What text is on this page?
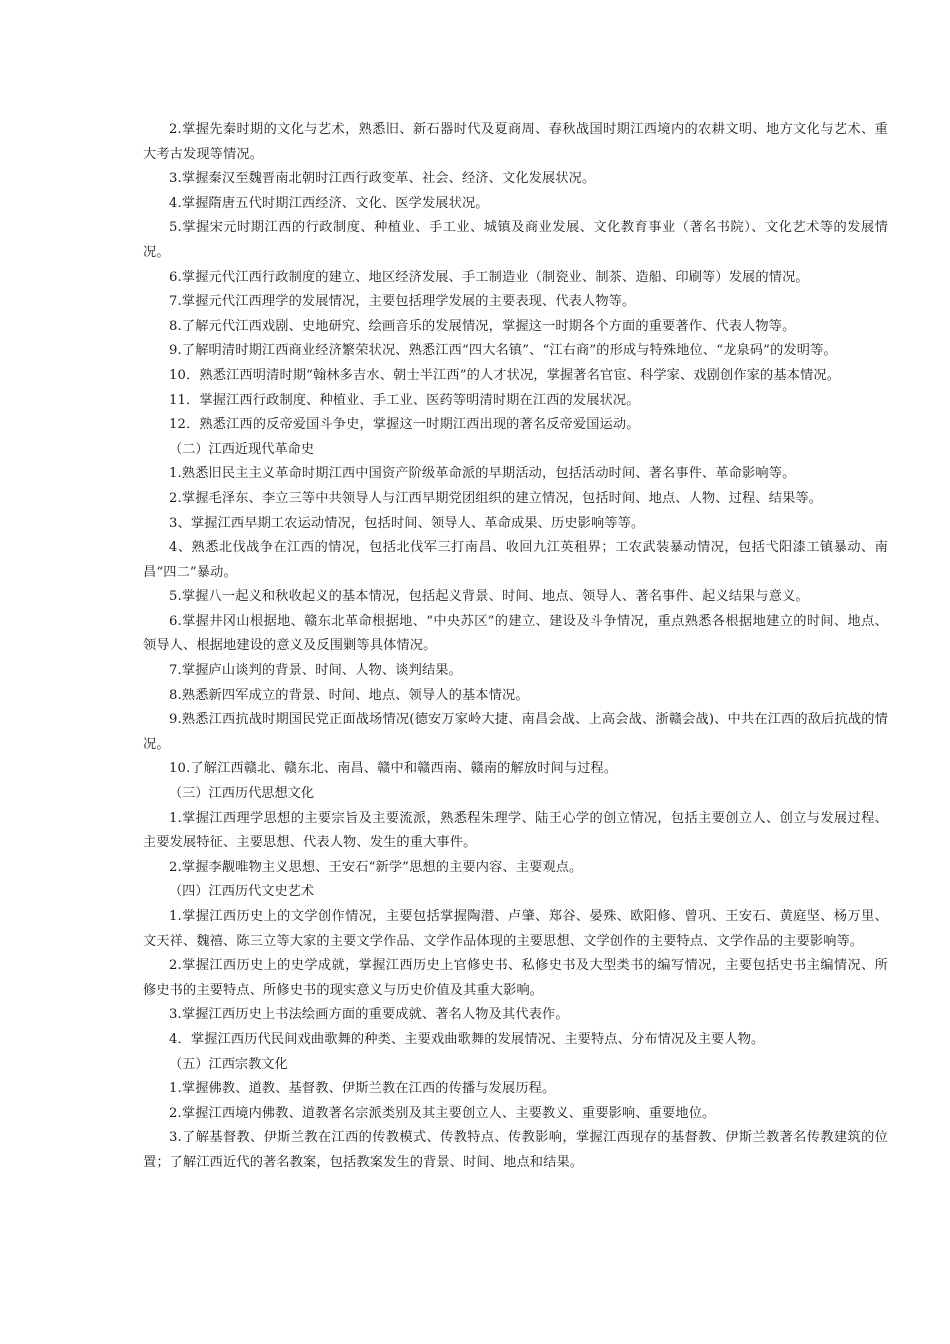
2.掌握先秦时期的文化与艺术，熟悉旧、新石器时代及夏商周、春秋战国时期江西境内的农耕文明、地方文化与艺术、重大考古发现等情况。

3.掌握秦汉至魏晋南北朝时江西行政变革、社会、经济、文化发展状况。

4.掌握隋唐五代时期江西经济、文化、医学发展状况。

5.掌握宋元时期江西的行政制度、种植业、手工业、城镇及商业发展、文化教育事业（著名书院）、文化艺术等的发展情况。

6.掌握元代江西行政制度的建立、地区经济发展、手工制造业（制瓷业、制茶、造船、印刷等）发展的情况。

7.掌握元代江西理学的发展情况，主要包括理学发展的主要表现、代表人物等。

8.了解元代江西戏剧、史地研究、绘画音乐的发展情况，掌握这一时期各个方面的重要著作、代表人物等。

9.了解明清时期江西商业经济繁荣状况、熟悉江西“四大名镇”、“江右商”的形成与特殊地位、“龙泉码”的发明等。

10．熟悉江西明清时期“翰林多吉水、朝士半江西”的人才状况，掌握著名官宦、科学家、戏剧创作家的基本情况。

11．掌握江西行政制度、种植业、手工业、医药等明清时期在江西的发展状况。

12．熟悉江西的反帝爱国斗争史，掌握这一时期江西出现的著名反帝爱国运动。

（二）江西近现代革命史

1.熟悉旧民主主义革命时期江西中国资产阶级革命派的早期活动，包括活动时间、著名事件、革命影响等。

2.掌握毛泽东、李立三等中共领导人与江西早期党团组织的建立情况，包括时间、地点、人物、过程、结果等。

3、掌握江西早期工农运动情况，包括时间、领导人、革命成果、历史影响等等。

4、熟悉北伐战争在江西的情况，包括北伐军三打南昌、收回九江英租界；工农武装暴动情况，包括弋阳漆工镇暴动、南昌“四二”暴动。

5.掌握八一起义和秋收起义的基本情况，包括起义背景、时间、地点、领导人、著名事件、起义结果与意义。

6.掌握井冈山根据地、赣东北革命根据地、“中央苏区”的建立、建设及斗争情况，重点熟悉各根据地建立的时间、地点、领导人、根据地建设的意义及反围剿等具体情况。

7.掌握庐山谈判的背景、时间、人物、谈判结果。

8.熟悉新四军成立的背景、时间、地点、领导人的基本情况。

9.熟悉江西抗战时期国民党正面战场情况(德安万家岭大捷、南昌会战、上高会战、浙赣会战)、中共在江西的敌后抗战的情况。

10.了解江西赣北、赣东北、南昌、赣中和赣西南、赣南的解放时间与过程。

（三）江西历代思想文化

1.掌握江西理学思想的主要宗旨及主要流派，熟悉程朱理学、陆王心学的创立情况，包括主要创立人、创立与发展过程、主要发展特征、主要思想、代表人物、发生的重大事件。

2.掌握李觏唯物主义思想、王安石“新学”思想的主要内容、主要观点。

（四）江西历代文史艺术

1.掌握江西历史上的文学创作情况，主要包括掌握陶潜、卢肇、郑谷、晏殊、欧阳修、曾巩、王安石、黄庭坚、杨万里、文天祥、魏禧、陈三立等大家的主要文学作品、文学作品体现的主要思想、文学创作的主要特点、文学作品的主要影响等。

2.掌握江西历史上的史学成就，掌握江西历史上官修史书、私修史书及大型类书的编写情况，主要包括史书主编情况、所修史书的主要特点、所修史书的现实意义与历史价值及其重大影响。

3.掌握江西历史上书法绘画方面的重要成就、著名人物及其代表作。

4．掌握江西历代民间戏曲歌舞的种类、主要戏曲歌舞的发展情况、主要特点、分布情况及主要人物。

（五）江西宗教文化

1.掌握佛教、道教、基督教、伊斯兰教在江西的传播与发展历程。

2.掌握江西境内佛教、道教著名宗派类别及其主要创立人、主要教义、重要影响、重要地位。

3.了解基督教、伊斯兰教在江西的传教模式、传教特点、传教影响，掌握江西现存的基督教、伊斯兰教著名传教建筑的位置；了解江西近代的著名教案，包括教案发生的背景、时间、地点和结果。
